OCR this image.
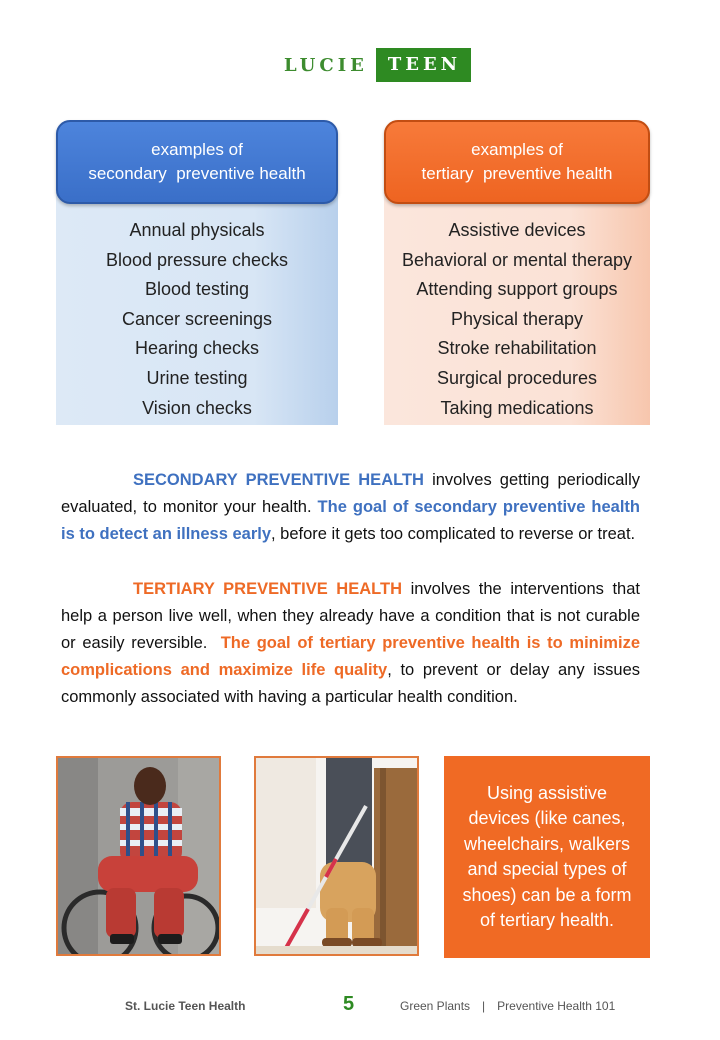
LUCIE	TEEN
examples of
secondary  preventive health
Annual physicals
Blood pressure checks
Blood testing
Cancer screenings
Hearing checks
Urine testing
Vision checks
examples of
tertiary  preventive health
Assistive devices
Behavioral or mental therapy
Attending support groups
Physical therapy
Stroke rehabilitation
Surgical procedures
Taking medications

SECONDARY PREVENTIVE HEALTH involves getting periodically evaluated, to monitor your health. The goal of secondary preventive health is to detect an illness early, before it gets too complicated to reverse or treat.

TERTIARY PREVENTIVE HEALTH involves the interventions that help a person live well, when they already have a condition that is not curable or easily reversible.  The goal of tertiary preventive health is to minimize complications and maximize life quality, to prevent or delay any issues commonly associated with having a particular health condition.

Using assistive devices (like canes, wheelchairs, walkers and special types of shoes) can be a form of tertiary health.
St. Lucie Teen Health	5	Green Plants | Preventive Health 101
